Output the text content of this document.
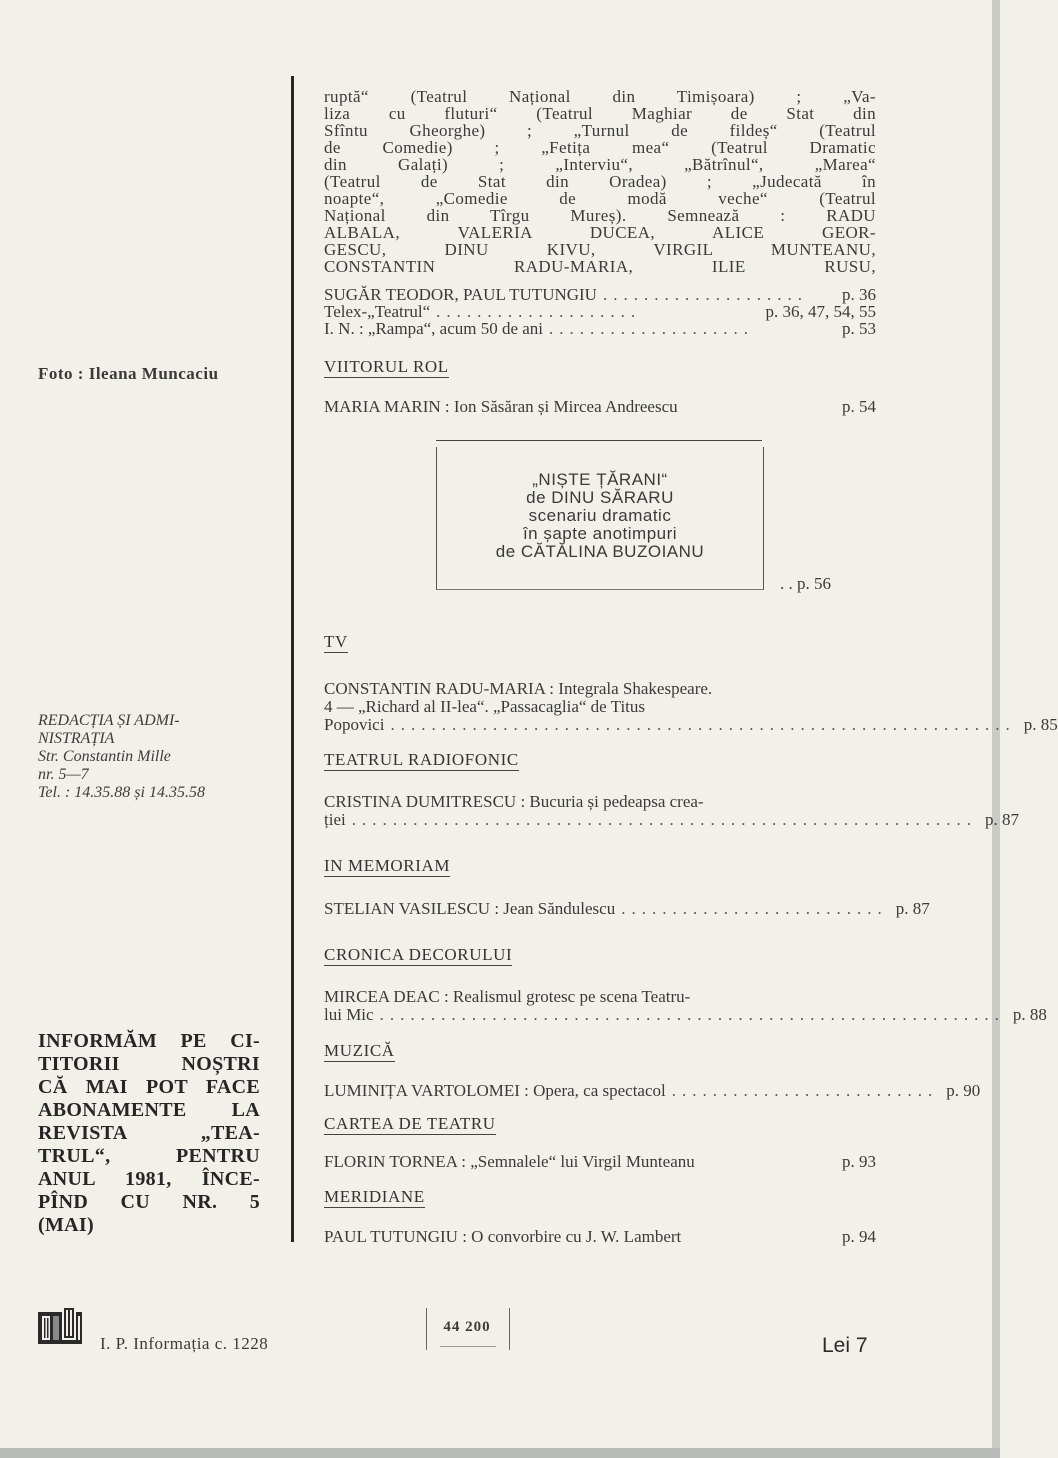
Foto : Ileana Muncaciu
REDACȚIA ȘI ADMI-
NISTRAȚIA
Str. Constantin Mille
nr. 5—7
Tel. : 14.35.88 și 14.35.58
INFORMĂM PE CI-
TITORII NOȘTRI
CĂ MAI POT FACE
ABONAMENTE LA
REVISTA „TEA-
TRUL“, PENTRU
ANUL 1981, ÎNCE-
PÎND CU NR. 5
(MAI)
ruptă“ (Teatrul Național din Timișoara) ; „Va-
liza cu fluturi“ (Teatrul Maghiar de Stat din
Sfîntu Gheorghe) ; „Turnul de fildeș“ (Teatrul
de Comedie) ; „Fetița mea“ (Teatrul Dramatic
din Galați) ; „Interviu“, „Bătrînul“, „Marea“
(Teatrul de Stat din Oradea) ; „Judecată în
noapte“, „Comedie de modă veche“ (Teatrul
Național din Tîrgu Mureș). Semnează : RADU
ALBALA, VALERIA DUCEA, ALICE GEOR-
GESCU, DINU KIVU, VIRGIL MUNTEANU,
CONSTANTIN RADU-MARIA, ILIE RUSU,
SUGĂR TEODOR, PAUL TUTUNGIU ....................	p. 36
Telex-„Teatrul“ ....................	p. 36, 47, 54, 55
I. N. : „Rampa“, acum 50 de ani ....................	p. 53
VIITORUL ROL
MARIA MARIN : Ion Săsăran și Mircea Andreescu	p. 54
„NIȘTE ȚĂRANI“
de DINU SĂRARU
scenariu dramatic
în șapte anotimpuri
de CĂTĂLINA BUZOIANU
. . p. 56
TV
CONSTANTIN RADU-MARIA : Integrala Shakespeare.
4 — „Richard al II-lea“. „Passacaglia“ de Titus
Popovici ............................................................. p. 85
TEATRUL RADIOFONIC
CRISTINA DUMITRESCU : Bucuria și pedeapsa crea-
ției ............................................................. p. 87
IN MEMORIAM
STELIAN VASILESCU : Jean Săndulescu .......................... p. 87
CRONICA DECORULUI
MIRCEA DEAC : Realismul grotesc pe scena Teatru-
lui Mic ............................................................. p. 88
MUZICĂ
LUMINIȚA VARTOLOMEI : Opera, ca spectacol .......................... p. 90
CARTEA DE TEATRU
FLORIN TORNEA : „Semnalele“ lui Virgil Munteanu	p. 93
MERIDIANE
PAUL TUTUNGIU : O convorbire cu J. W. Lambert	p. 94
I. P. Informația c. 1228
44 200
Lei 7
